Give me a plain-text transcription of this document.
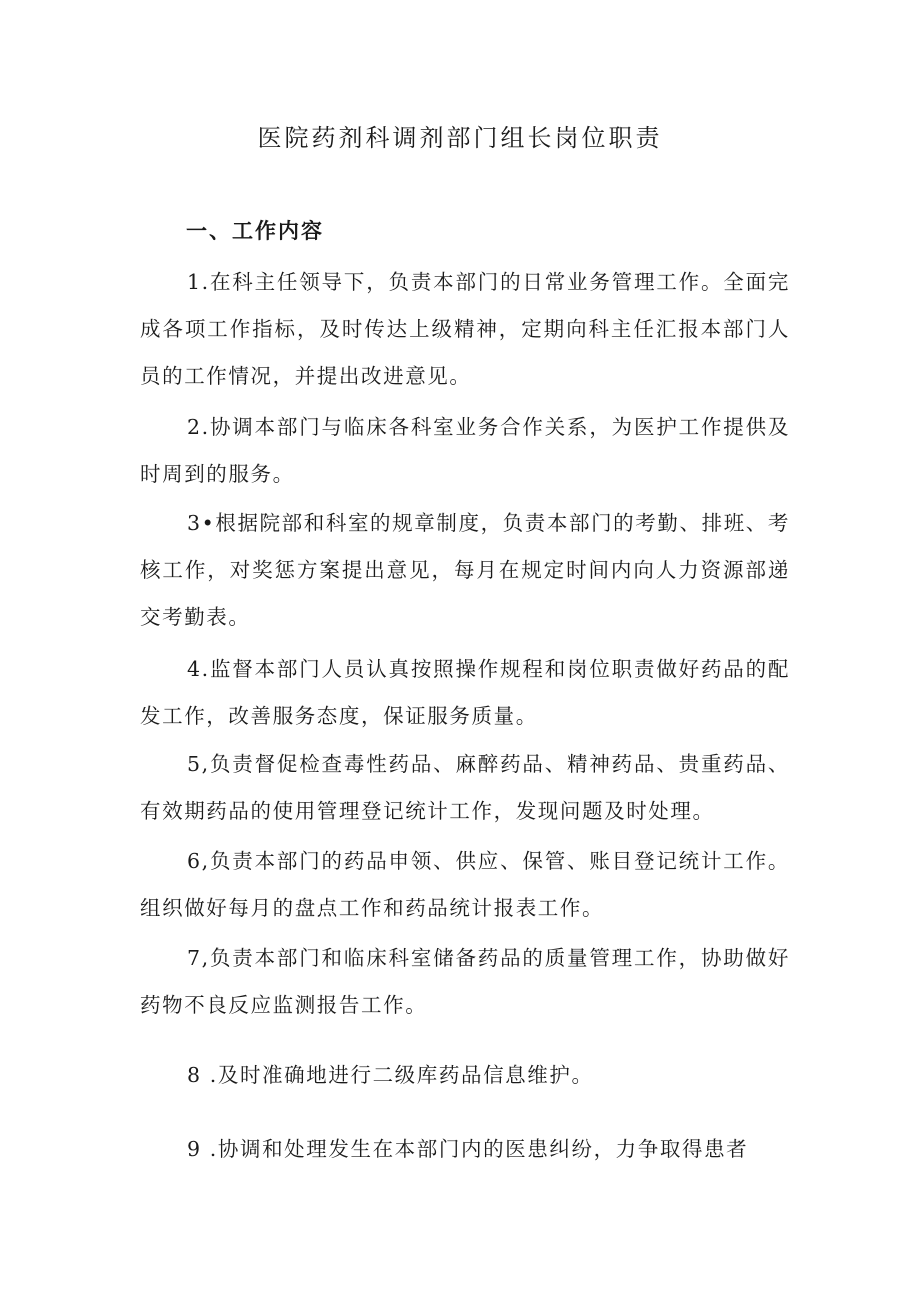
医院药剂科调剂部门组长岗位职责
一、工作内容

1.在科主任领导下，负责本部门的日常业务管理工作。全面完成各项工作指标，及时传达上级精神，定期向科主任汇报本部门人员的工作情况，并提出改进意见。

2.协调本部门与临床各科室业务合作关系，为医护工作提供及时周到的服务。

3•根据院部和科室的规章制度，负责本部门的考勤、排班、考核工作，对奖惩方案提出意见，每月在规定时间内向人力资源部递交考勤表。

4.监督本部门人员认真按照操作规程和岗位职责做好药品的配发工作，改善服务态度，保证服务质量。

5,负责督促检查毒性药品、麻醉药品、精神药品、贵重药品、有效期药品的使用管理登记统计工作，发现问题及时处理。

6,负责本部门的药品申领、供应、保管、账目登记统计工作。组织做好每月的盘点工作和药品统计报表工作。

7,负责本部门和临床科室储备药品的质量管理工作，协助做好药物不良反应监测报告工作。

8 .及时准确地进行二级库药品信息维护。

9 .协调和处理发生在本部门内的医患纠纷，力争取得患者
